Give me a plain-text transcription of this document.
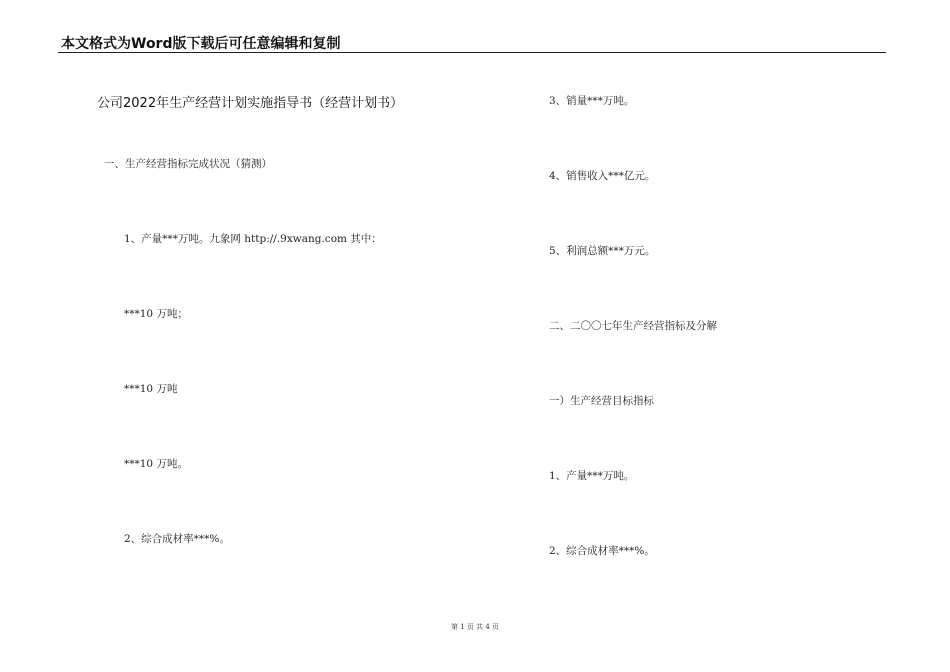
本文格式为Word版下载后可任意编辑和复制
公司2022年生产经营计划实施指导书（经营计划书）
一、生产经营指标完成状况（猜测）
1、产量***万吨。九象网 http://.9xwang.com 其中：
***10 万吨；
***10 万吨
***10 万吨。
2、综合成材率***%。
3、销量***万吨。
4、销售收入***亿元。
5、利润总额***万元。
二、二〇〇七年生产经营指标及分解
一）生产经营目标指标
1、产量***万吨。
2、综合成材率***%。
第 1 页 共 4 页
